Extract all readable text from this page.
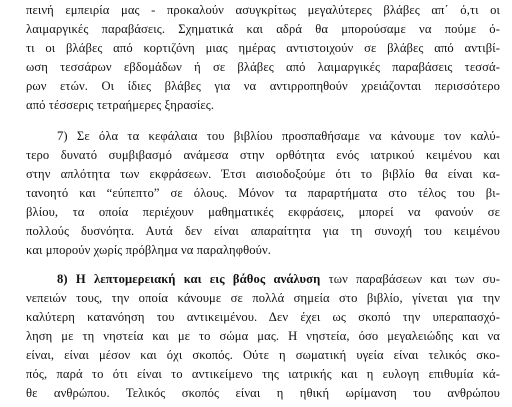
πεινή εμπειρία μας - προκαλούν ασυγκρίτως μεγαλύτερες βλάβες απ΄ ό,τι οι
λαιμαργικές παραβάσεις. Σχηματικά και αδρά θα μπορούσαμε να πούμε ό-
τι οι βλάβες από κορτιζόνη μιας ημέρας αντιστοιχούν σε βλάβες από αντιβί-
ωση τεσσάρων εβδομάδων ή σε βλάβες από λαιμαργικές παραβάσεις τεσσά-
ρων ετών. Οι ίδιες βλάβες για να αντιρροπηθούν χρειάζονται περισσότερο
από τέσσερις τετραήμερες ξηρασίες.
7) Σε όλα τα κεφάλαια του βιβλίου προσπαθήσαμε να κάνουμε τον καλύ-
τερο δυνατό συμβιβασμό ανάμεσα στην ορθότητα ενός ιατρικού κειμένου και
στην απλότητα των εκφράσεων. Έτσι αισιοδοξούμε ότι το βιβλίο θα είναι κα-
τανοητό και “εύπεπτο” σε όλους. Μόνον τα παραρτήματα στο τέλος του βι-
βλίου, τα οποία περιέχουν μαθηματικές εκφράσεις, μπορεί να φανούν σε
πολλούς δυσνόητα. Αυτά δεν είναι απαραίτητα για τη συνοχή του κειμένου
και μπορούν χωρίς πρόβλημα να παραληφθούν.
8) Η λεπτομερειακή και εις βάθος ανάλυση των παραβάσεων και των συ-
νεπειών τους, την οποία κάνουμε σε πολλά σημεία στο βιβλίο, γίνεται για την
καλύτερη κατανόηση του αντικειμένου. Δεν έχει ως σκοπό την υπεραπασχό-
ληση με τη νηστεία και με το σώμα μας. Η νηστεία, όσο μεγαλειώδης και να
είναι, είναι μέσον και όχι σκοπός. Ούτε η σωματική υγεία είναι τελικός σκο-
πός, παρά το ότι είναι το αντικείμενο της ιατρικής και η ευλογη επιθυμία κά-
θε ανθρώπου. Τελικός σκοπός είναι η ηθική ωρίμανση του ανθρώπου
